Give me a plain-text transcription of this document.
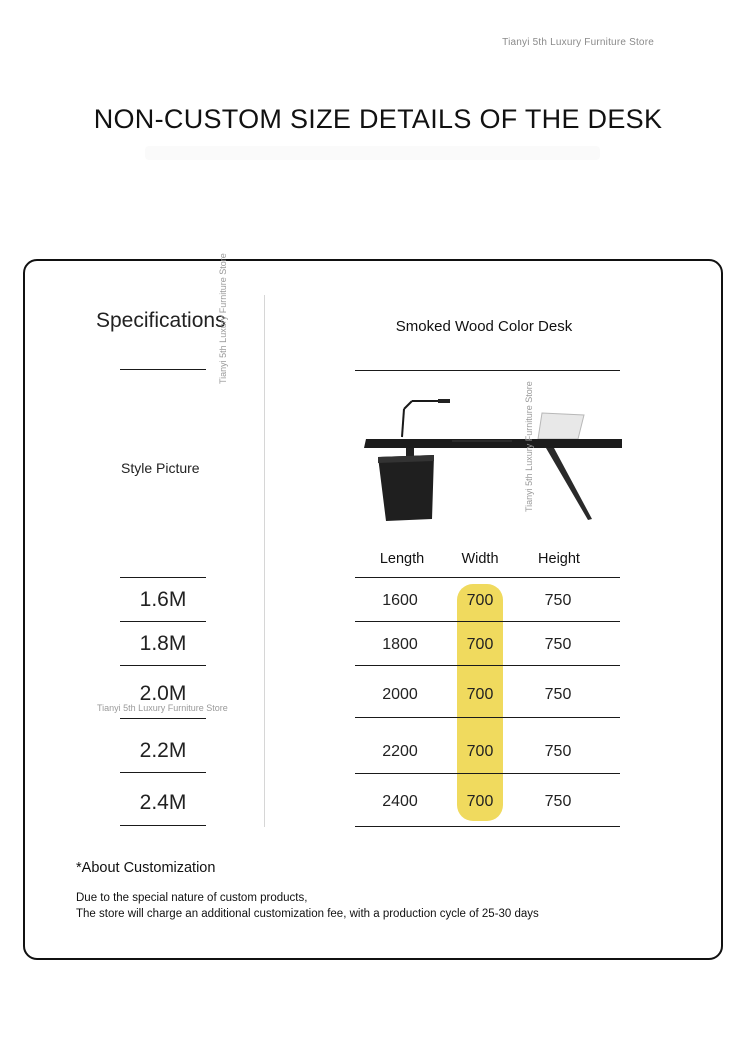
Tianyi 5th Luxury Furniture Store
NON-CUSTOM SIZE DETAILS OF THE DESK
Specifications
Style Picture
Smoked Wood Color Desk
Length	Width	Height
1.6M	1600	700	750
1.8M	1800	700	750
2.0M	2000	700	750
2.2M	2200	700	750
2.4M	2400	700	750
Tianyi 5th Luxury Furniture Store
Tianyi 5th Luxury Furniture Store
Tianyi 5th Luxury Furniture Store
*About Customization
Due to the special nature of custom products,
The store will charge an additional customization fee, with a production cycle of 25-30 days
